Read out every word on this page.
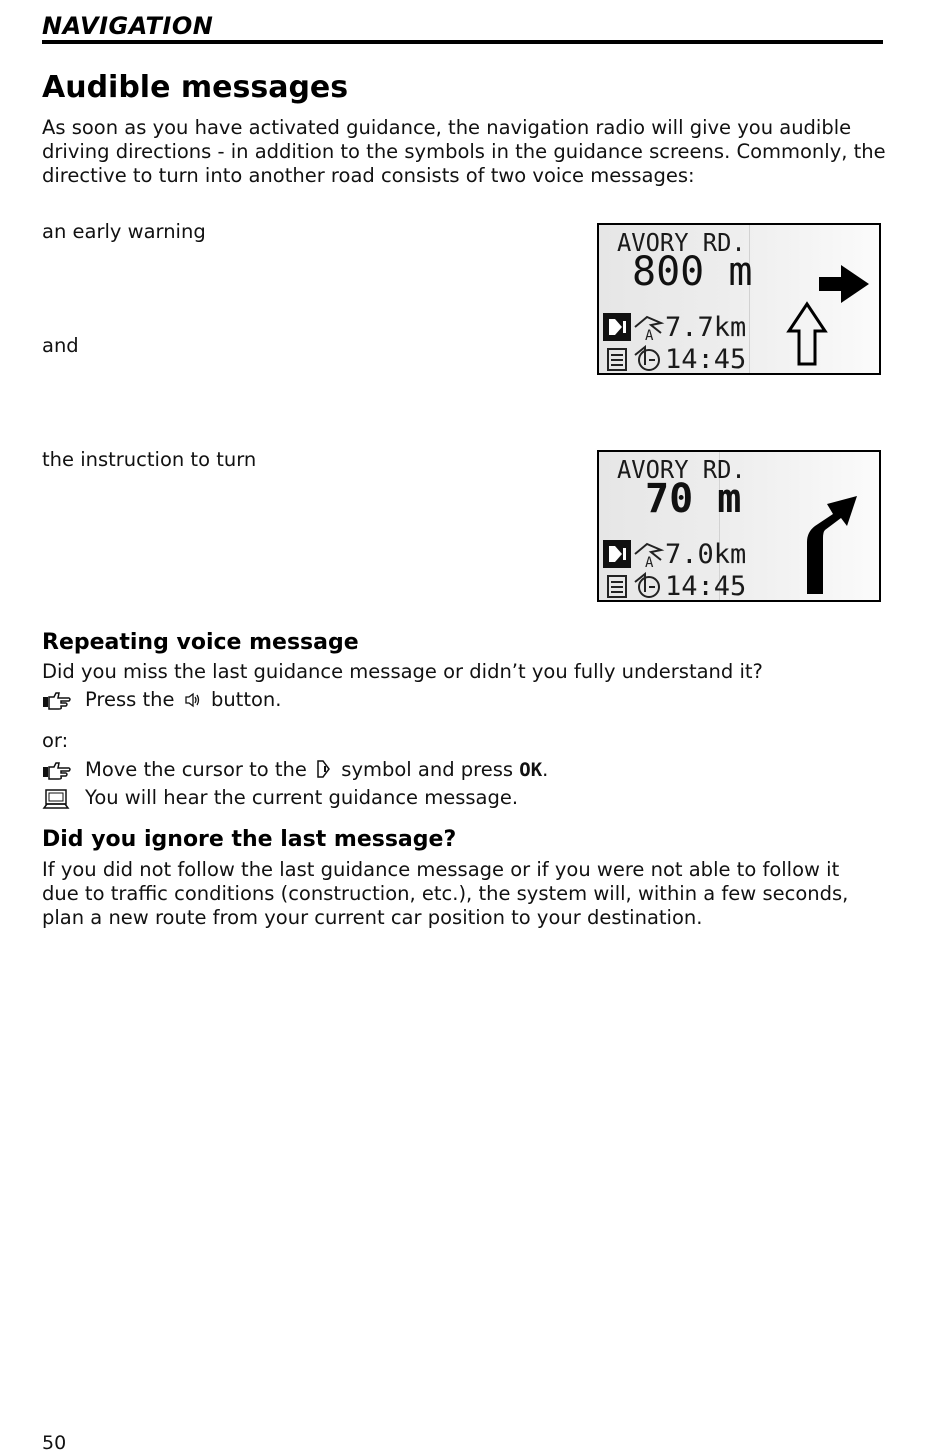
NAVIGATION
Audible messages
As soon as you have activated guidance, the navigation radio will give you audible
driving directions - in addition to the symbols in the guidance screens. Commonly, the
directive to turn into another road consists of two voice messages:
an early warning
and
the instruction to turn
AVORY RD.
800 m
A 7.7km
14:45
AVORY RD.
70 m
A 7.0km
14:45
Repeating voice message
Did you miss the last guidance message or didn’t you fully understand it?
Press the button.
or:
Move the cursor to the symbol and press OK.
You will hear the current guidance message.
Did you ignore the last message?
If you did not follow the last guidance message or if you were not able to follow it
due to traffic conditions (construction, etc.), the system will, within a few seconds,
plan a new route from your current car position to your destination.
50
